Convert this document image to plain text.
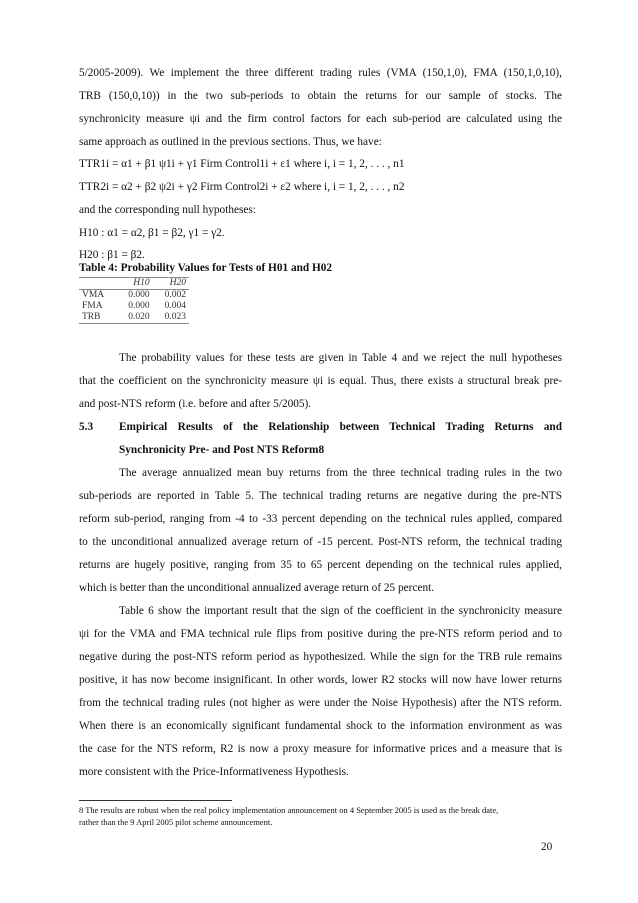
5/2005-2009). We implement the three different trading rules (VMA (150,1,0), FMA (150,1,0,10),
TRB (150,0,10)) in the two sub-periods to obtain the returns for our sample of stocks. The
synchronicity measure ψi and the firm control factors for each sub-period are calculated using the
same approach as outlined in the previous sections. Thus, we have:
TTR1i = α1 + β1 ψ1i + γ1 Firm Control1i + ε1 where i, i = 1, 2, . . . , n1
TTR2i = α2 + β2 ψ2i + γ2 Firm Control2i + ε2 where i, i = 1, 2, . . . , n2
and the corresponding null hypotheses:
H10 : α1 = α2, β1 = β2, γ1 = γ2.
H20 : β1 = β2.
Table 4: Probability Values for Tests of H01 and H02
	H10	H20
VMA	0.000	0.002
FMA	0.000	0.004
TRB	0.020	0.023
The probability values for these tests are given in Table 4 and we reject the null hypotheses
that the coefficient on the synchronicity measure ψi is equal. Thus, there exists a structural break pre-
and post-NTS reform (i.e. before and after 5/2005).
5.3 Empirical Results of the Relationship between Technical Trading Returns and
Synchronicity Pre- and Post NTS Reform8
The average annualized mean buy returns from the three technical trading rules in the two
sub-periods are reported in Table 5. The technical trading returns are negative during the pre-NTS
reform sub-period, ranging from -4 to -33 percent depending on the technical rules applied, compared
to the unconditional annualized average return of -15 percent. Post-NTS reform, the technical trading
returns are hugely positive, ranging from 35 to 65 percent depending on the technical rules applied,
which is better than the unconditional annualized average return of 25 percent.
Table 6 show the important result that the sign of the coefficient in the synchronicity measure
ψi for the VMA and FMA technical rule flips from positive during the pre-NTS reform period and to
negative during the post-NTS reform period as hypothesized. While the sign for the TRB rule remains
positive, it has now become insignificant. In other words, lower R2 stocks will now have lower returns
from the technical trading rules (not higher as were under the Noise Hypothesis) after the NTS reform.
When there is an economically significant fundamental shock to the information environment as was
the case for the NTS reform, R2 is now a proxy measure for informative prices and a measure that is
more consistent with the Price-Informativeness Hypothesis.
8 The results are robust when the real policy implementation announcement on 4 September 2005 is used as the break date,
rather than the 9 April 2005 pilot scheme announcement.
20
